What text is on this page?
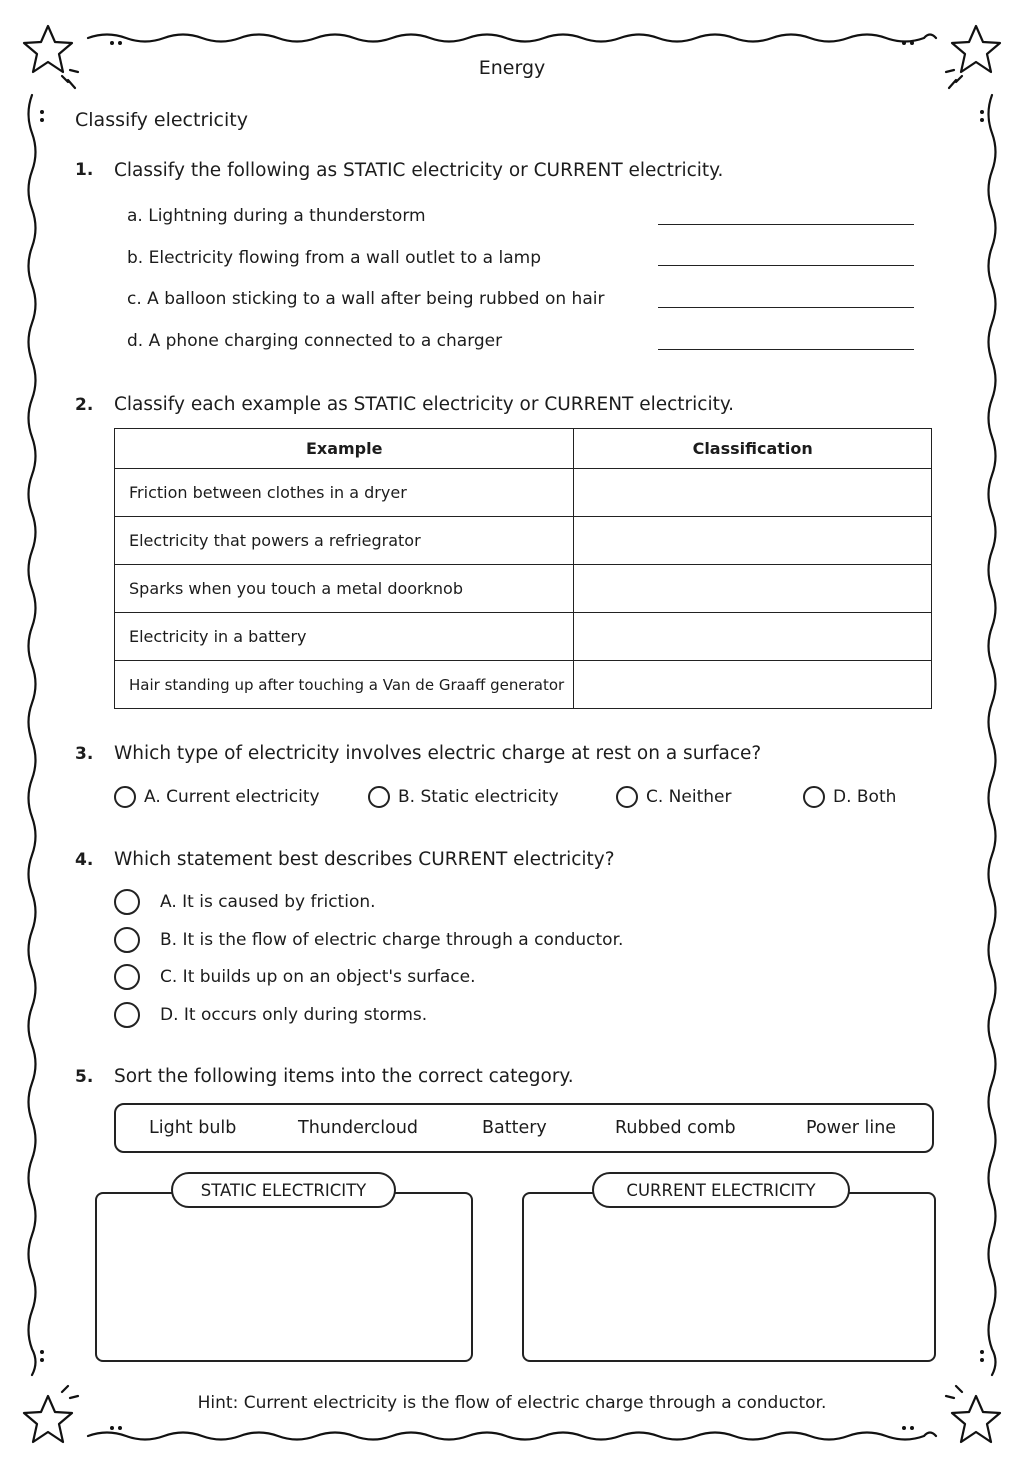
Energy
Classify electricity
1. Classify the following as STATIC electricity or CURRENT electricity.
a. Lightning during a thunderstorm
b. Electricity flowing from a wall outlet to a lamp
c. A balloon sticking to a wall after being rubbed on hair
d. A phone charging connected to a charger
2. Classify each example as STATIC electricity or CURRENT electricity.
Example	Classification
Friction between clothes in a dryer	
Electricity that powers a refriegrator	
Sparks when you touch a metal doorknob	
Electricity in a battery	
Hair standing up after touching a Van de Graaff generator	
3. Which type of electricity involves electric charge at rest on a surface?
A. Current electricity	B. Static electricity	C. Neither	D. Both
4. Which statement best describes CURRENT electricity?
A. It is caused by friction.
B. It is the flow of electric charge through a conductor.
C. It builds up on an object's surface.
D. It occurs only during storms.
5. Sort the following items into the correct category.
Light bulb	Thundercloud	Battery	Rubbed comb	Power line
STATIC ELECTRICITY	CURRENT ELECTRICITY
Hint: Current electricity is the flow of electric charge through a conductor.
